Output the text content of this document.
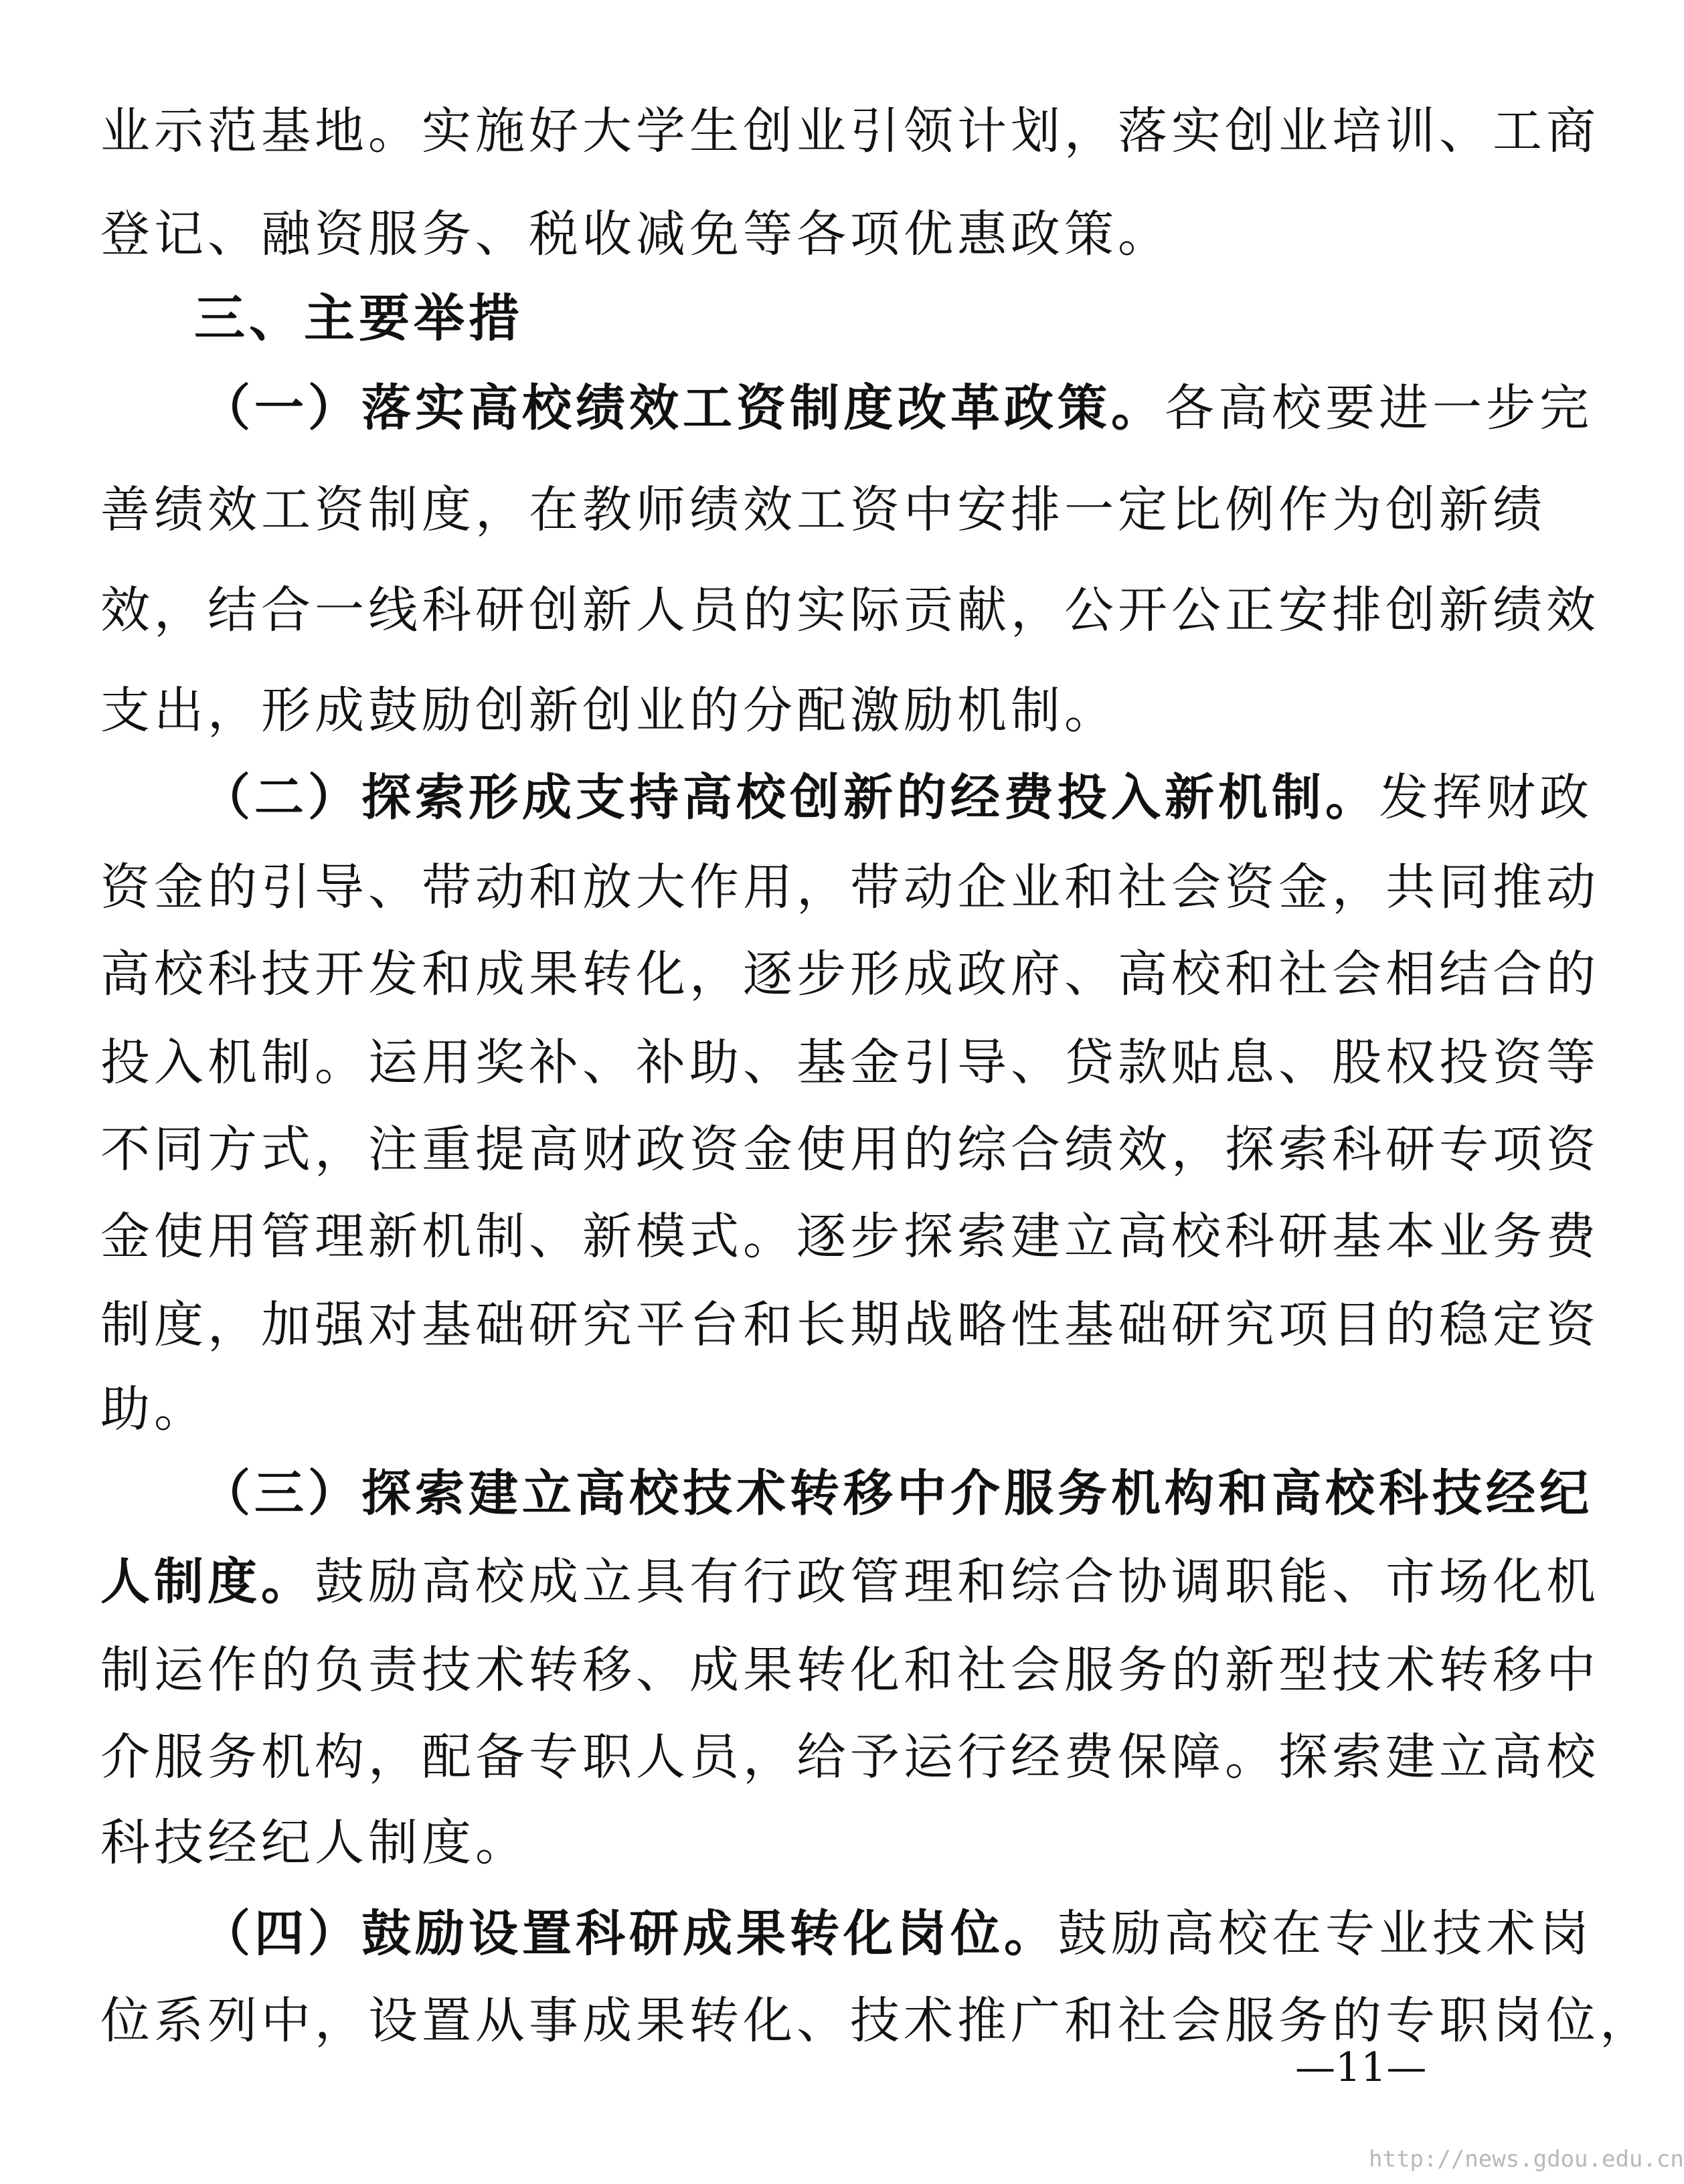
业示范基地。实施好大学生创业引领计划，落实创业培训、工商
登记、融资服务、税收减免等各项优惠政策。
三、主要举措
（一）落实高校绩效工资制度改革政策。各高校要进一步完
善绩效工资制度，在教师绩效工资中安排一定比例作为创新绩
效，结合一线科研创新人员的实际贡献，公开公正安排创新绩效
支出，形成鼓励创新创业的分配激励机制。
（二）探索形成支持高校创新的经费投入新机制。发挥财政
资金的引导、带动和放大作用，带动企业和社会资金，共同推动
高校科技开发和成果转化，逐步形成政府、高校和社会相结合的
投入机制。运用奖补、补助、基金引导、贷款贴息、股权投资等
不同方式，注重提高财政资金使用的综合绩效，探索科研专项资
金使用管理新机制、新模式。逐步探索建立高校科研基本业务费
制度，加强对基础研究平台和长期战略性基础研究项目的稳定资
助。
（三）探索建立高校技术转移中介服务机构和高校科技经纪
人制度。鼓励高校成立具有行政管理和综合协调职能、市场化机
制运作的负责技术转移、成果转化和社会服务的新型技术转移中
介服务机构，配备专职人员，给予运行经费保障。探索建立高校
科技经纪人制度。
（四）鼓励设置科研成果转化岗位。鼓励高校在专业技术岗
位系列中，设置从事成果转化、技术推广和社会服务的专职岗位，
—11—
http://news.gdou.edu.cn
